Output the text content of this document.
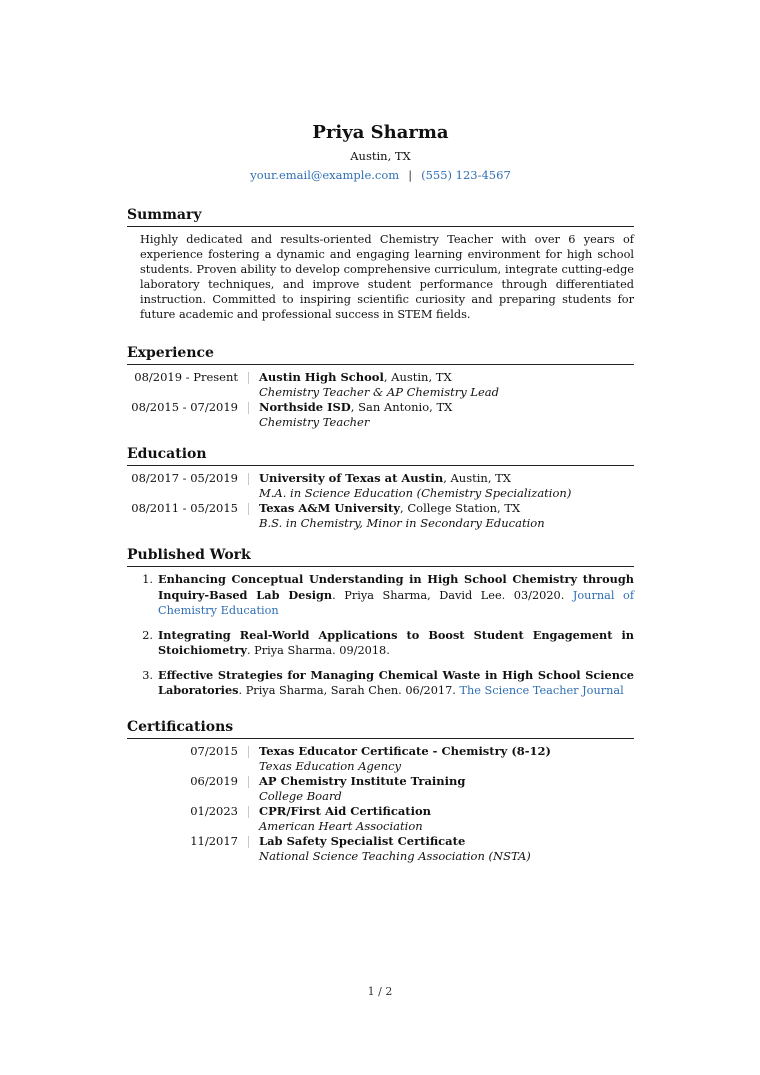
Priya Sharma
Austin, TX
your.email@example.com | (555) 123-4567
Summary
Highly dedicated and results-oriented Chemistry Teacher with over 6 years of experience fostering a dynamic and engaging learning environment for high school students. Proven ability to develop comprehensive curriculum, integrate cutting-edge laboratory techniques, and improve student performance through differentiated instruction. Committed to inspiring scientific curiosity and preparing students for future academic and professional success in STEM fields.
Experience
08/2019 - Present Austin High School, Austin, TX
Chemistry Teacher & AP Chemistry Lead
08/2015 - 07/2019 Northside ISD, San Antonio, TX
Chemistry Teacher
Education
08/2017 - 05/2019 University of Texas at Austin, Austin, TX
M.A. in Science Education (Chemistry Specialization)
08/2011 - 05/2015 Texas A&M University, College Station, TX
B.S. in Chemistry, Minor in Secondary Education
Published Work
1. Enhancing Conceptual Understanding in High School Chemistry through Inquiry-Based Lab Design. Priya Sharma, David Lee. 03/2020. Journal of Chemistry Education
2. Integrating Real-World Applications to Boost Student Engagement in Stoichiometry. Priya Sharma. 09/2018.
3. Effective Strategies for Managing Chemical Waste in High School Science Laboratories. Priya Sharma, Sarah Chen. 06/2017. The Science Teacher Journal
Certifications
07/2015 Texas Educator Certificate - Chemistry (8-12)
Texas Education Agency
06/2019 AP Chemistry Institute Training
College Board
01/2023 CPR/First Aid Certification
American Heart Association
11/2017 Lab Safety Specialist Certificate
National Science Teaching Association (NSTA)
1 / 2
